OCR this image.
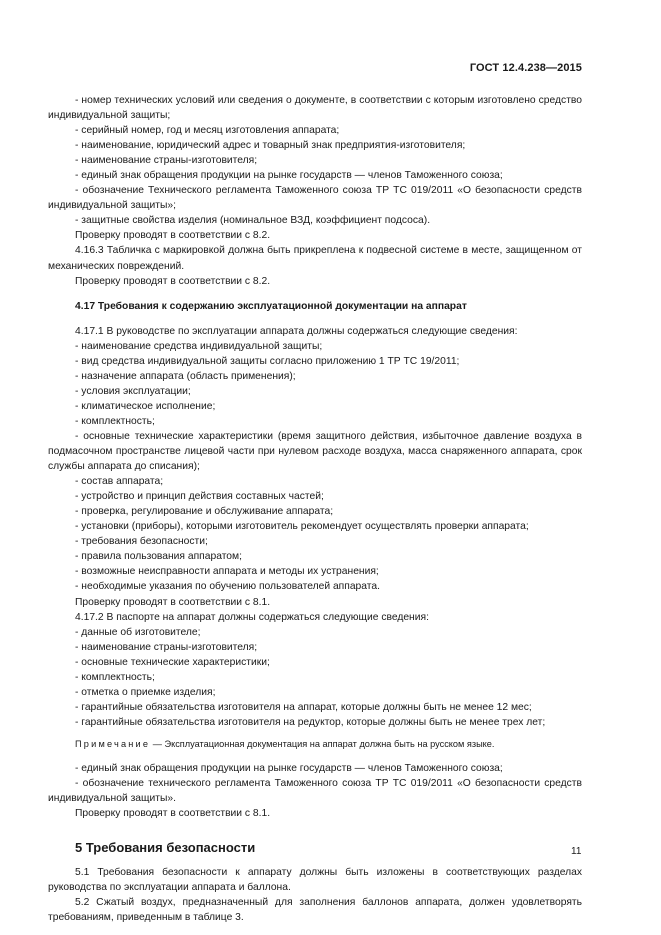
ГОСТ 12.4.238—2015

- номер технических условий или сведения о документе, в соответствии с которым изготовлено средство индивидуальной защиты;

- серийный номер, год и месяц изготовления аппарата;

- наименование, юридический адрес и товарный знак предприятия-изготовителя;

- наименование страны-изготовителя;

- единый знак обращения продукции на рынке государств — членов Таможенного союза;

- обозначение Технического регламента Таможенного союза ТР ТС 019/2011 «О безопасности средств индивидуальной защиты»;

- защитные свойства изделия (номинальное ВЗД, коэффициент подсоса).

Проверку проводят в соответствии с 8.2.

4.16.3 Табличка с маркировкой должна быть прикреплена к подвесной системе в месте, защищенном от механических повреждений.

Проверку проводят в соответствии с 8.2.

4.17 Требования к содержанию эксплуатационной документации на аппарат

4.17.1 В руководстве по эксплуатации аппарата должны содержаться следующие сведения:

- наименование средства индивидуальной защиты;

- вид средства индивидуальной защиты согласно приложению 1 ТР ТС 19/2011;

- назначение аппарата (область применения);

- условия эксплуатации;

- климатическое исполнение;

- комплектность;

- основные технические характеристики (время защитного действия, избыточное давление воздуха в подмасочном пространстве лицевой части при нулевом расходе воздуха, масса снаряженного аппарата, срок службы аппарата до списания);

- состав аппарата;

- устройство и принцип действия составных частей;

- проверка, регулирование и обслуживание аппарата;

- установки (приборы), которыми изготовитель рекомендует осуществлять проверки аппарата;

- требования безопасности;

- правила пользования аппаратом;

- возможные неисправности аппарата и методы их устранения;

- необходимые указания по обучению пользователей аппарата.

Проверку проводят в соответствии с 8.1.

4.17.2 В паспорте на аппарат должны содержаться следующие сведения:

- данные об изготовителе;

- наименование страны-изготовителя;

- основные технические характеристики;

- комплектность;

- отметка о приемке изделия;

- гарантийные обязательства изготовителя на аппарат, которые должны быть не менее 12 мес;

- гарантийные обязательства изготовителя на редуктор, которые должны быть не менее трех лет;

Примечание — Эксплуатационная документация на аппарат должна быть на русском языке.

- единый знак обращения продукции на рынке государств — членов Таможенного союза;

- обозначение технического регламента Таможенного союза ТР ТС 019/2011 «О безопасности средств индивидуальной защиты».

Проверку проводят в соответствии с 8.1.

5 Требования безопасности

5.1 Требования безопасности к аппарату должны быть изложены в соответствующих разделах руководства по эксплуатации аппарата и баллона.

5.2 Сжатый воздух, предназначенный для заполнения баллонов аппарата, должен удовлетворять требованиям, приведенным в таблице 3.

11
